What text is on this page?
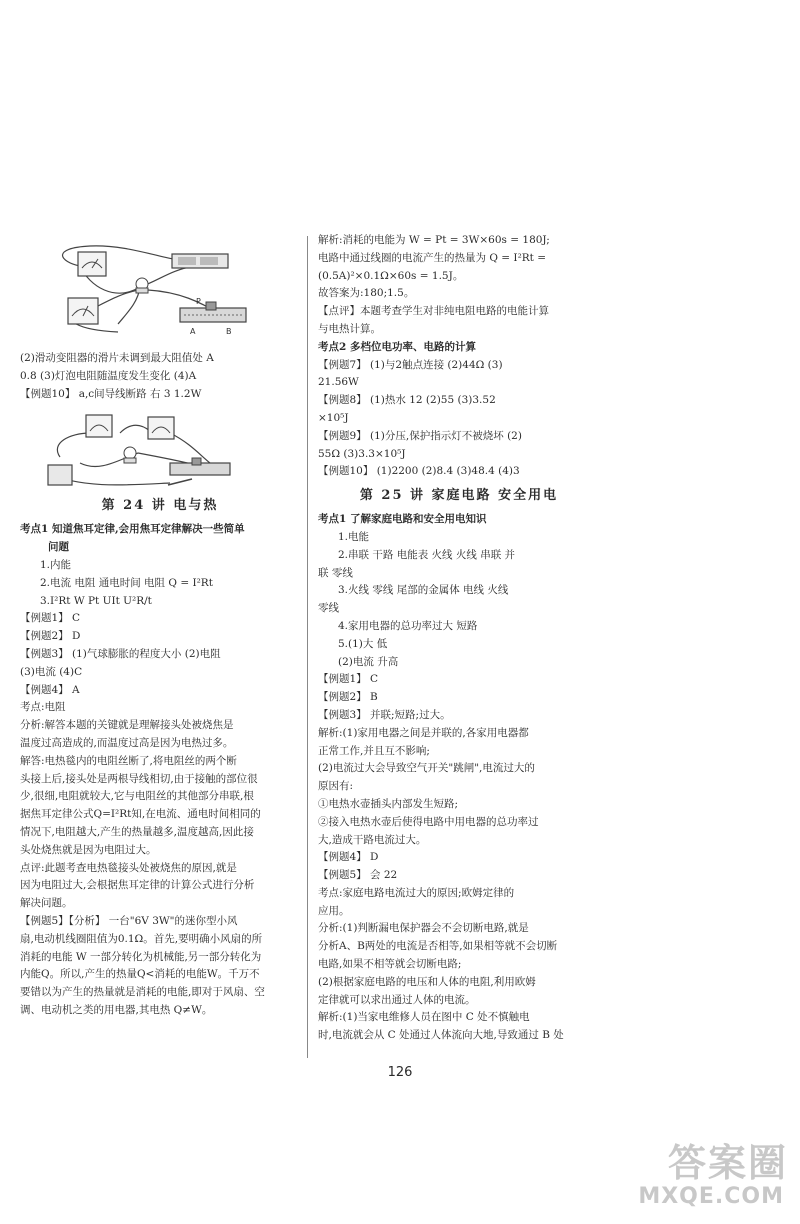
A	B
P
(2)滑动变阻器的滑片未调到最大阻值处 A
0.8 (3)灯泡电阻随温度发生变化 (4)A
【例题10】 a,c间导线断路 右 3 1.2W
第 24 讲 电与热
考点1 知道焦耳定律,会用焦耳定律解决一些简单
问题
1.内能
2.电流 电阻 通电时间 电阻 Q = I²Rt
3.I²Rt W Pt UIt U²R/t
【例题1】 C
【例题2】 D
【例题3】 (1)气球膨胀的程度大小 (2)电阻
(3)电流 (4)C
【例题4】 A
考点:电阻
分析:解答本题的关键就是理解接头处被烧焦是
温度过高造成的,而温度过高是因为电热过多。
解答:电热毯内的电阻丝断了,将电阻丝的两个断
头接上后,接头处是两根导线相切,由于接触的部位很
少,很细,电阻就较大,它与电阻丝的其他部分串联,根
据焦耳定律公式Q=I²Rt知,在电流、通电时间相同的
情况下,电阻越大,产生的热量越多,温度越高,因此接
头处烧焦就是因为电阻过大。
点评:此题考查电热毯接头处被烧焦的原因,就是
因为电阻过大,会根据焦耳定律的计算公式进行分析
解决问题。
【例题5】【分析】 一台"6V 3W"的迷你型小风
扇,电动机线圈阻值为0.1Ω。首先,要明确小风扇的所
消耗的电能 W 一部分转化为机械能,另一部分转化为
内能Q。所以,产生的热量Q<消耗的电能W。千万不
要错以为产生的热量就是消耗的电能,即对于风扇、空
调、电动机之类的用电器,其电热 Q≠W。
解析:消耗的电能为 W = Pt = 3W×60s = 180J;
电路中通过线圈的电流产生的热量为 Q = I²Rt =
(0.5A)²×0.1Ω×60s = 1.5J。
故答案为:180;1.5。
【点评】本题考查学生对非纯电阻电路的电能计算
与电热计算。
考点2 多档位电功率、电路的计算
【例题7】 (1)与2触点连接 (2)44Ω (3)
21.56W
【例题8】 (1)热水 12 (2)55 (3)3.52
×10⁵J
【例题9】 (1)分压,保护指示灯不被烧坏 (2)
55Ω (3)3.3×10⁵J
【例题10】 (1)2200 (2)8.4 (3)48.4 (4)3
第 25 讲 家庭电路 安全用电
考点1 了解家庭电路和安全用电知识
1.电能
2.串联 干路 电能表 火线 火线 串联 并
联 零线
3.火线 零线 尾部的金属体 电线 火线
零线
4.家用电器的总功率过大 短路
5.(1)大 低
(2)电流 升高
【例题1】 C
【例题2】 B
【例题3】 并联;短路;过大。
解析:(1)家用电器之间是并联的,各家用电器都
正常工作,并且互不影响;
(2)电流过大会导致空气开关"跳闸",电流过大的
原因有:
①电热水壶插头内部发生短路;
②接入电热水壶后使得电路中用电器的总功率过
大,造成干路电流过大。
【例题4】 D
【例题5】 会 22
考点:家庭电路电流过大的原因;欧姆定律的
应用。
分析:(1)判断漏电保护器会不会切断电路,就是
分析A、B两处的电流是否相等,如果相等就不会切断
电路,如果不相等就会切断电路;
(2)根据家庭电路的电压和人体的电阻,利用欧姆
定律就可以求出通过人体的电流。
解析:(1)当家电维修人员在图中 C 处不慎触电
时,电流就会从 C 处通过人体流向大地,导致通过 B 处
126
答案圈
MXQE.COM
